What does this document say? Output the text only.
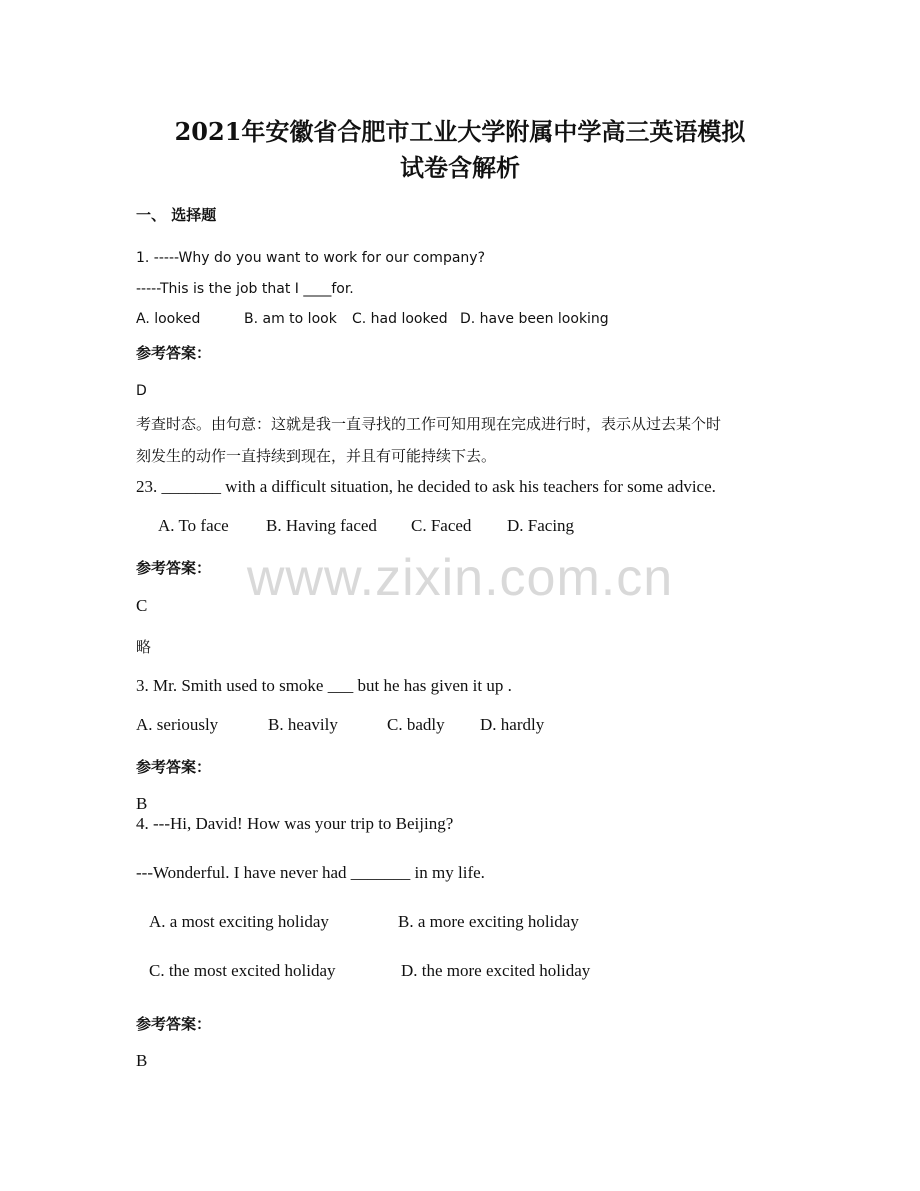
2021年安徽省合肥市工业大学附属中学高三英语模拟
试卷含解析
一、 选择题
www.zixin.com.cn
1. -----Why do you want to work for our company?
-----This is the job that I ____for.
A. looked	B. am to look C. had looked D. have been looking
参考答案：
D
考查时态。由句意：这就是我一直寻找的工作可知用现在完成进行时，表示从过去某个时
刻发生的动作一直持续到现在，并且有可能持续下去。
23. _______ with a difficult situation, he decided to ask his teachers for some advice.
A. To face B. Having faced C. Faced D. Facing
参考答案：
C
略
3. Mr. Smith used to smoke ___ but he has given it up .
A. seriously	B. heavily	C. badly D. hardly
参考答案：
B
4. ---Hi, David! How was your trip to Beijing?
---Wonderful. I have never had _______ in my life.
A. a most exciting holiday	B. a more exciting holiday
C. the most excited holiday	D. the more excited holiday
参考答案：
B
